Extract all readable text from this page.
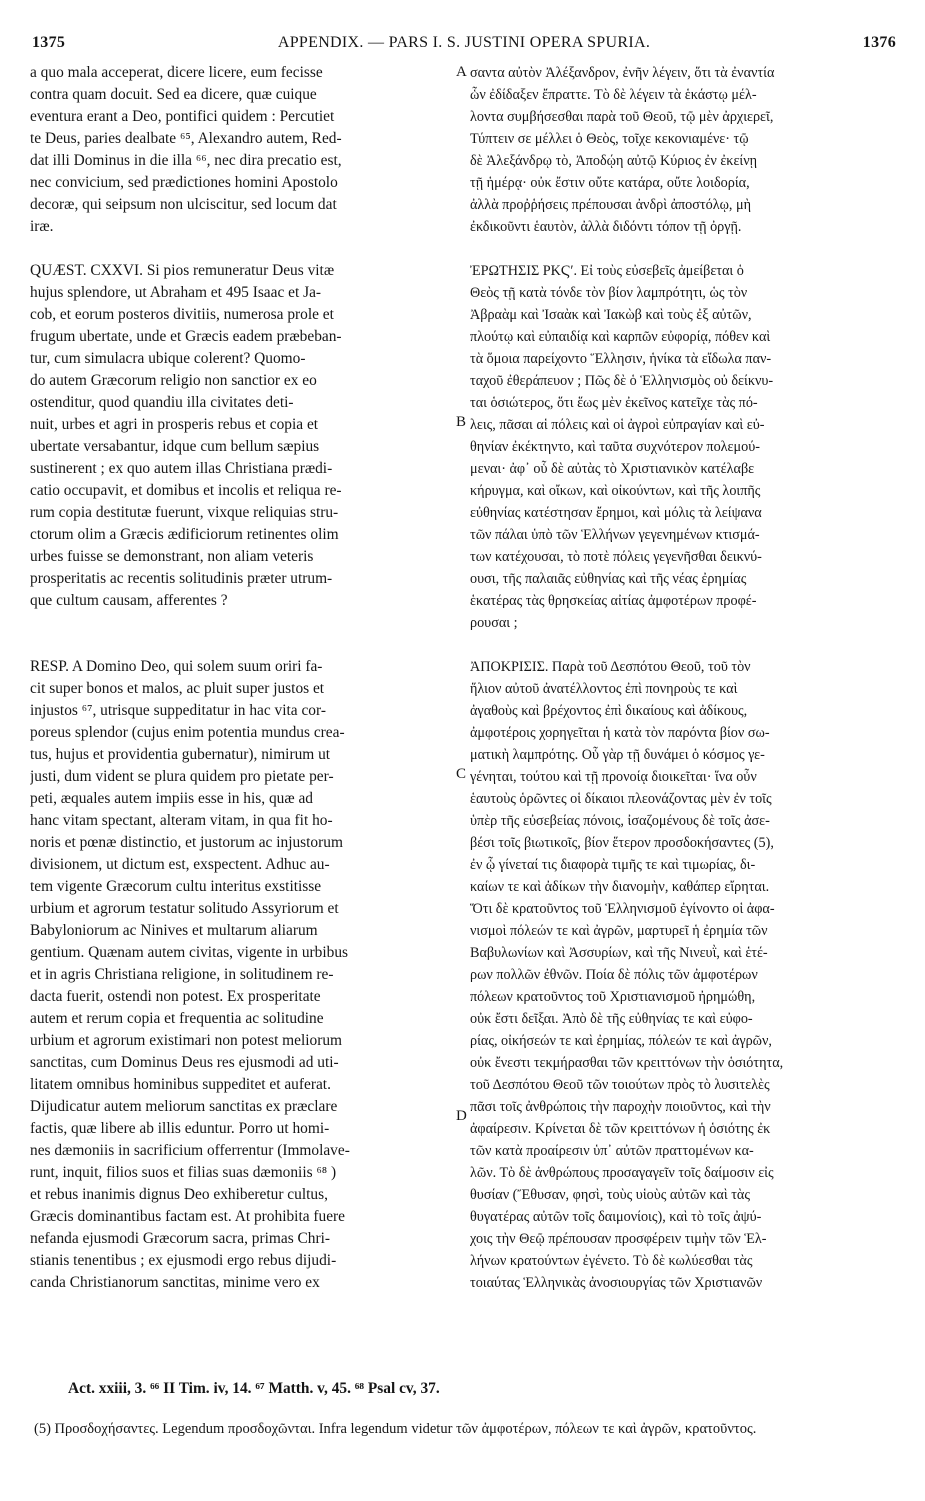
1375	APPENDIX. — PARS I. S. JUSTINI OPERA SPURIA.	1376
a quo mala acceperat, dicere licere, eum fecisse
contra quam docuit. Sed ea dicere, quæ cuique
eventura erant a Deo, pontifici quidem : Percutiet
te Deus, paries dealbate ⁶⁵, Alexandro autem, Red-
dat illi Dominus in die illa ⁶⁶, nec dira precatio est,
nec convicium, sed prædictiones homini Apostolo
decoræ, qui seipsum non ulciscitur, sed locum dat
iræ.
QUÆST. CXXVI. Si pios remuneratur Deus vitæ
hujus splendore, ut Abraham et 495 Isaac et Ja-
cob, et eorum posteros divitiis, numerosa prole et
frugum ubertate, unde et Græcis eadem præbeban-
tur, cum simulacra ubique colerent? Quomo-
do autem Græcorum religio non sanctior ex eo
ostenditur, quod quandiu illa civitates deti-
nuit, urbes et agri in prosperis rebus et copia et
ubertate versabantur, idque cum bellum sæpius
sustinerent ; ex quo autem illas Christiana prædi-
catio occupavit, et domibus et incolis et reliqua re-
rum copia destitutæ fuerunt, vixque reliquias stru-
ctorum olim a Græcis ædificiorum retinentes olim
urbes fuisse se demonstrant, non aliam veteris
prosperitatis ac recentis solitudinis præter utrum-
que cultum causam, afferentes ?
RESP. A Domino Deo, qui solem suum oriri fa-
cit super bonos et malos, ac pluit super justos et
injustos ⁶⁷, utrisque suppeditatur in hac vita cor-
poreus splendor (cujus enim potentia mundus crea-
tus, hujus et providentia gubernatur), nimirum ut
justi, dum vident se plura quidem pro pietate per-
peti, æquales autem impiis esse in his, quæ ad
hanc vitam spectant, alteram vitam, in qua fit ho-
noris et pœnæ distinctio, et justorum ac injustorum
divisionem, ut dictum est, exspectent. Adhuc au-
tem vigente Græcorum cultu interitus exstitisse
urbium et agrorum testatur solitudo Assyriorum et
Babyloniorum ac Ninives et multarum aliarum
gentium. Quænam autem civitas, vigente in urbibus
et in agris Christiana religione, in solitudinem re-
dacta fuerit, ostendi non potest. Ex prosperitate
autem et rerum copia et frequentia ac solitudine
urbium et agrorum existimari non potest meliorum
sanctitas, cum Dominus Deus res ejusmodi ad uti-
litatem omnibus hominibus suppeditet et auferat.
Dijudicatur autem meliorum sanctitas ex præclare
factis, quæ libere ab illis eduntur. Porro ut homi-
nes dæmoniis in sacrificium offerrentur (Immolave-
runt, inquit, filios suos et filias suas dæmoniis ⁶⁸ )
et rebus inanimis dignus Deo exhiberetur cultus,
Græcis dominantibus factam est. At prohibita fuere
nefanda ejusmodi Græcorum sacra, primas Chri-
stianis tenentibus ; ex ejusmodi ergo rebus dijudi-
canda Christianorum sanctitas, minime vero ex
σαντα αὐτὸν Ἀλέξανδρον, ἐνῆν λέγειν, ὅτι τὰ ἐναντία
ὧν ἐδίδαξεν ἔπραττε. Τὸ δὲ λέγειν τὰ ἑκάστῳ μέλ-
λοντα συμβήσεσθαι παρὰ τοῦ Θεοῦ, τῷ μὲν ἀρχιερεῖ,
Τύπτειν σε μέλλει ὁ Θεὸς, τοῖχε κεκονιαμένε· τῷ
δὲ Ἀλεξάνδρῳ τὸ, Ἀποδῴη αὐτῷ Κύριος ἐν ἐκείνῃ
τῇ ἡμέρᾳ· οὐκ ἔστιν οὔτε κατάρα, οὔτε λοιδορία,
ἀλλὰ προῤῥήσεις πρέπουσαι ἀνδρὶ ἀποστόλῳ, μὴ
ἐκδικοῦντι ἑαυτὸν, ἀλλὰ διδόντι τόπον τῇ ὀργῇ.
ἘΡΩΤΗΣΙΣ ΡΚϚʹ. Εἰ τοὺς εὐσεβεῖς ἀμείβεται ὁ
Θεὸς τῇ κατὰ τόνδε τὸν βίον λαμπρότητι, ὡς τὸν
Ἀβραὰμ καὶ Ἰσαὰκ καὶ Ἰακὼβ καὶ τοὺς ἐξ αὐτῶν,
πλούτῳ καὶ εὐπαιδίᾳ καὶ καρπῶν εὐφορίᾳ, πόθεν καὶ
τὰ ὅμοια παρείχοντο Ἕλλησιν, ἡνίκα τὰ εἴδωλα παν-
ταχοῦ ἐθεράπευον ; Πῶς δὲ ὁ Ἑλληνισμὸς οὐ δείκνυ-
ται ὁσιώτερος, ὅτι ἕως μὲν ἐκεῖνος κατεῖχε τὰς πό-
λεις, πᾶσαι αἱ πόλεις καὶ οἱ ἀγροὶ εὐπραγίαν καὶ εὐ-
θηνίαν ἐκέκτηντο, καὶ ταῦτα συχνότερον πολεμού-
μεναι· ἀφ᾽ οὗ δὲ αὐτὰς τὸ Χριστιανικὸν κατέλαβε
κήρυγμα, καὶ οἴκων, καὶ οἰκούντων, καὶ τῆς λοιπῆς
εὐθηνίας κατέστησαν ἔρημοι, καὶ μόλις τὰ λείψανα
τῶν πάλαι ὑπὸ τῶν Ἑλλήνων γεγενημένων κτισμά-
των κατέχουσαι, τὸ ποτὲ πόλεις γεγενῆσθαι δεικνύ-
ουσι, τῆς παλαιᾶς εὐθηνίας καὶ τῆς νέας ἐρημίας
ἑκατέρας τὰς θρησκείας αἰτίας ἀμφοτέρων προφέ-
ρουσαι ;
ἈΠΟΚΡΙΣΙΣ. Παρὰ τοῦ Δεσπότου Θεοῦ, τοῦ τὸν
ἥλιον αὐτοῦ ἀνατέλλοντος ἐπὶ πονηροὺς τε καὶ
ἀγαθοὺς καὶ βρέχοντος ἐπὶ δικαίους καὶ ἀδίκους,
ἀμφοτέροις χορηγεῖται ἡ κατὰ τὸν παρόντα βίον σω-
ματικὴ λαμπρότης. Οὗ γὰρ τῇ δυνάμει ὁ κόσμος γε-
γένηται, τούτου καὶ τῇ προνοίᾳ διοικεῖται· ἵνα οὖν
ἑαυτοὺς ὁρῶντες οἱ δίκαιοι πλεονάζοντας μὲν ἐν τοῖς
ὑπὲρ τῆς εὐσεβείας πόνοις, ἰσαζομένους δὲ τοῖς ἀσε-
βέσι τοῖς βιωτικοῖς, βίον ἕτερον προσδοκήσαντες (5),
ἐν ᾧ γίνεταί τις διαφορὰ τιμῆς τε καὶ τιμωρίας, δι-
καίων τε καὶ ἀδίκων τὴν διανομὴν, καθάπερ εἴρηται.
Ὅτι δὲ κρατοῦντος τοῦ Ἑλληνισμοῦ ἐγίνοντο οἱ ἀφα-
νισμοὶ πόλεών τε καὶ ἀγρῶν, μαρτυρεῖ ἡ ἐρημία τῶν
Βαβυλωνίων καὶ Ἀσσυρίων, καὶ τῆς Νινευῒ, καὶ ἑτέ-
ρων πολλῶν ἐθνῶν. Ποία δὲ πόλις τῶν ἀμφοτέρων
πόλεων κρατοῦντος τοῦ Χριστιανισμοῦ ἠρημώθη,
οὐκ ἔστι δεῖξαι. Ἀπὸ δὲ τῆς εὐθηνίας τε καὶ εὐφο-
ρίας, οἰκήσεών τε καὶ ἐρημίας, πόλεών τε καὶ ἀγρῶν,
οὐκ ἔνεστι τεκμήρασθαι τῶν κρειττόνων τὴν ὁσιότητα,
τοῦ Δεσπότου Θεοῦ τῶν τοιούτων πρὸς τὸ λυσιτελὲς
πᾶσι τοῖς ἀνθρώποις τὴν παροχὴν ποιοῦντος, καὶ τὴν
ἀφαίρεσιν. Κρίνεται δὲ τῶν κρειττόνων ἡ ὁσιότης ἐκ
τῶν κατὰ προαίρεσιν ὑπ᾽ αὐτῶν πραττομένων κα-
λῶν. Τὸ δὲ ἀνθρώπους προσαγαγεῖν τοῖς δαίμοσιν εἰς
θυσίαν (Ἔθυσαν, φησὶ, τοὺς υἱοὺς αὐτῶν καὶ τὰς
θυγατέρας αὐτῶν τοῖς δαιμονίοις), καὶ τὸ τοῖς ἀψύ-
χοις τὴν Θεῷ πρέπουσαν προσφέρειν τιμὴν τῶν Ἑλ-
λήνων κρατούντων ἐγένετο. Τὸ δὲ κωλύεσθαι τὰς
τοιαύτας Ἑλληνικὰς ἀνοσιουργίας τῶν Χριστιανῶν
A
B
C
D
Act. xxiii, 3. ⁶⁶ II Tim. iv, 14. ⁶⁷ Matth. v, 45. ⁶⁸ Psal cv, 37.
(5) Προσδοχήσαντες. Legendum προσδοχῶνται. Infra legendum videtur τῶν ἀμφοτέρων, πόλεων τε καὶ ἀγρῶν, κρατοῦντος.
